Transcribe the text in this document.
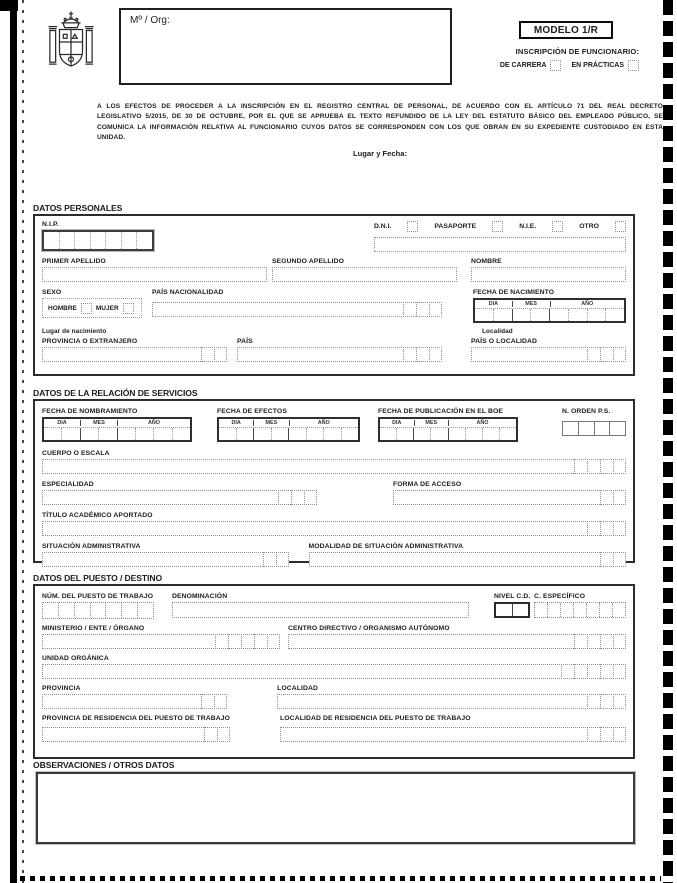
Mº / Org:
MODELO 1/R
INSCRIPCIÓN DE FUNCIONARIO:
DE CARRERA	EN PRÁCTICAS

A LOS EFECTOS DE PROCEDER A LA INSCRIPCIÓN EN EL REGISTRO CENTRAL DE PERSONAL, DE ACUERDO CON EL ARTÍCULO 71 DEL REAL DECRETO LEGISLATIVO 5/2015, DE 30 DE OCTUBRE, POR EL QUE SE APRUEBA EL TEXTO REFUNDIDO DE LA LEY DEL ESTATUTO BÁSICO DEL EMPLEADO PÚBLICO, SE COMUNICA LA INFORMACIÓN RELATIVA AL FUNCIONARIO CUYOS DATOS SE CORRESPONDEN CON LOS QUE OBRAN EN SU EXPEDIENTE CUSTODIADO EN ESTA UNIDAD.

Lugar y Fecha:
DATOS PERSONALES
N.I.P.	D.N.I.	PASAPORTE	N.I.E.	OTRO
PRIMER APELLIDO	SEGUNDO APELLIDO	NOMBRE
SEXO
HOMBRE	MUJER
PAÍS NACIONALIDAD	FECHA DE NACIMIENTO
DIA	MES	AÑO
Lugar de nacimiento	Localidad
PROVINCIA O EXTRANJERO	PAÍS	PAÍS O LOCALIDAD
DATOS DE LA RELACIÓN DE SERVICIOS
FECHA DE NOMBRAMIENTO
DIA	MES	AÑO
FECHA DE EFECTOS
DIA	MES	AÑO
FECHA DE PUBLICACIÓN EN EL BOE
DIA	MES	AÑO
N. ORDEN P.S.
CUERPO O ESCALA
ESPECIALIDAD	FORMA DE ACCESO
TÍTULO ACADÉMICO APORTADO
SITUACIÓN ADMINISTRATIVA	MODALIDAD DE SITUACIÓN ADMINISTRATIVA
DATOS DEL PUESTO / DESTINO
NÚM. DEL PUESTO DE TRABAJO	DENOMINACIÓN	NIVEL C.D. C. ESPECÍFICO
MINISTERIO / ENTE / ÓRGANO	CENTRO DIRECTIVO / ORGANISMO AUTÓNOMO
UNIDAD ORGÁNICA
PROVINCIA	LOCALIDAD
PROVINCIA DE RESIDENCIA DEL PUESTO DE TRABAJO	LOCALIDAD DE RESIDENCIA DEL PUESTO DE TRABAJO
OBSERVACIONES / OTROS DATOS
